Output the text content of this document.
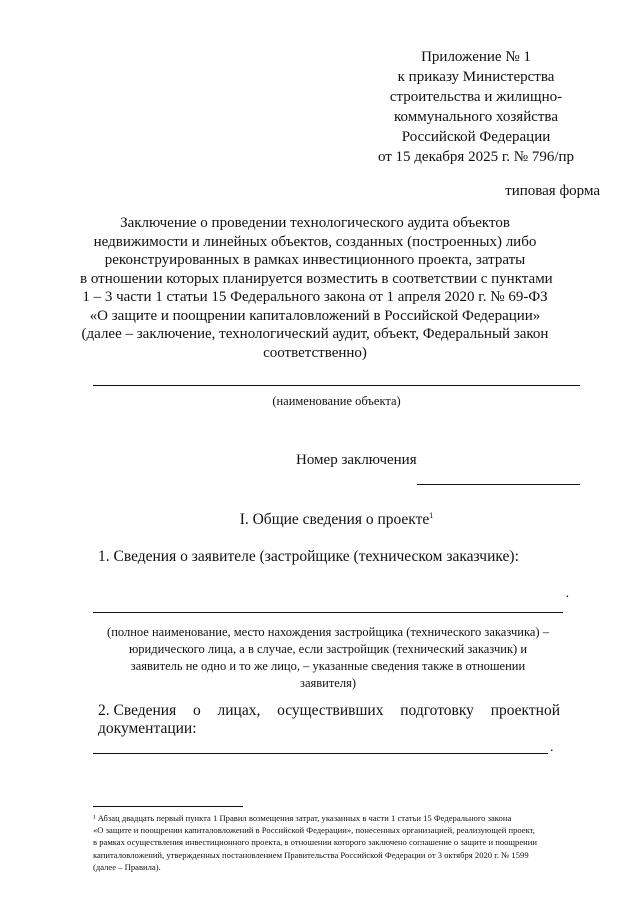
Приложение № 1
к приказу Министерства
строительства и жилищно-
коммунального хозяйства
Российской Федерации
от 15 декабря 2025 г. № 796/пр
типовая форма
Заключение о проведении технологического аудита объектов
недвижимости и линейных объектов, созданных (построенных) либо
реконструированных в рамках инвестиционного проекта, затраты
в отношении которых планируется возместить в соответствии с пунктами
1 – 3 части 1 статьи 15 Федерального закона от 1 апреля 2020 г. № 69-ФЗ
«О защите и поощрении капиталовложений в Российской Федерации»
(далее – заключение, технологический аудит, объект, Федеральный закон
соответственно)
(наименование объекта)
Номер заключения
I. Общие сведения о проекте$^1$
1. Сведения о заявителе (застройщике (техническом заказчике):
·
(полное наименование, место нахождения застройщика (технического заказчика) –
юридического лица, а в случае, если застройщик (технический заказчик) и
заявитель не одно и то же лицо, – указанные сведения также в отношении
заявителя)
2. Сведения о лицах, осуществивших подготовку проектной
документации:
.
¹ Абзац двадцать первый пункта 1 Правил возмещения затрат, указанных в части 1 статьи 15 Федерального закона
«О защите и поощрении капиталовложений в Российской Федерации», понесенных организацией, реализующей проект,
в рамках осуществления инвестиционного проекта, в отношении которого заключено соглашение о защите и поощрении
капиталовложений, утвержденных постановлением Правительства Российской Федерации от 3 октября 2020 г. № 1599
(далее – Правила).
